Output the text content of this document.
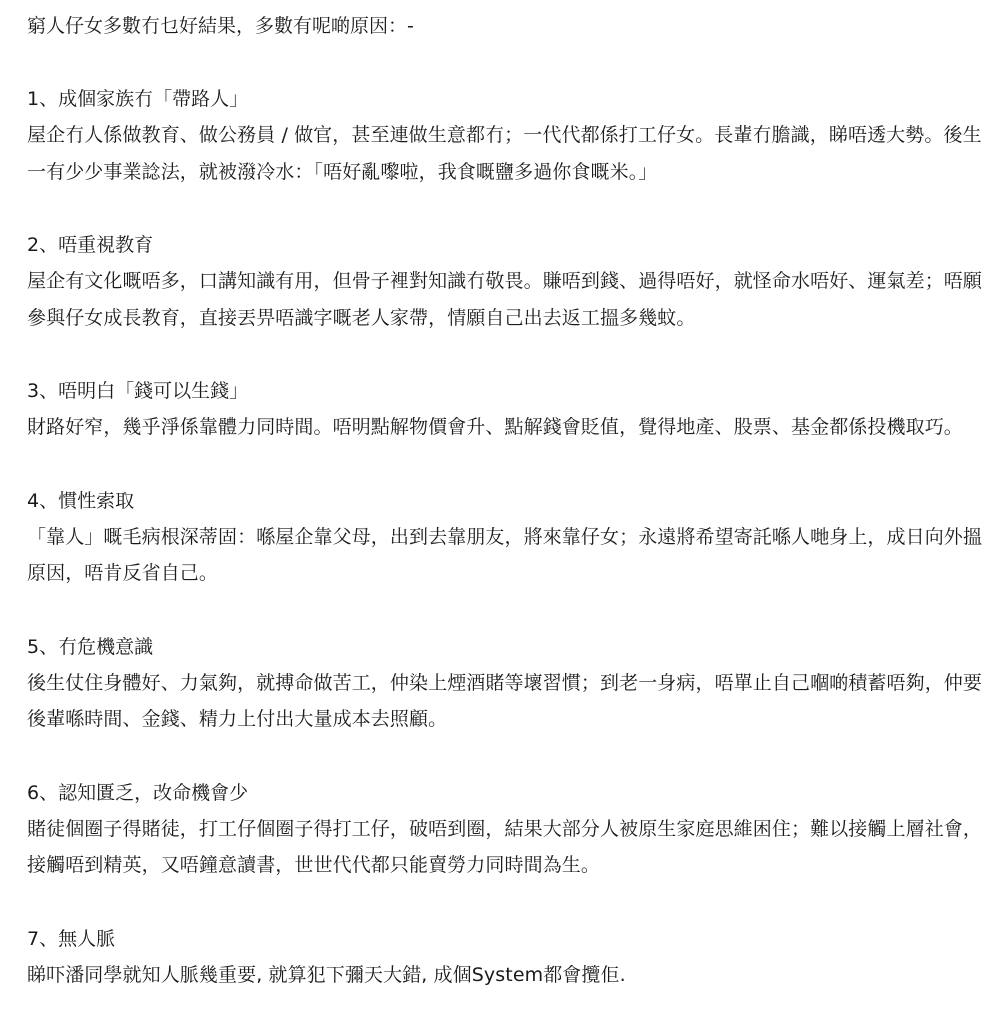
窮人仔女多數冇乜好結果，多數有呢啲原因：-
1、成個家族冇「帶路人」

屋企冇人係做教育、做公務員 / 做官，甚至連做生意都冇；一代代都係打工仔女。長輩冇膽識，睇唔透大勢。後生一有少少事業諗法，就被潑冷水：「唔好亂嚟啦，我食嘅鹽多過你食嘅米。」

2、唔重視教育

屋企有文化嘅唔多，口講知識有用，但骨子裡對知識冇敬畏。賺唔到錢、過得唔好，就怪命水唔好、運氣差；唔願參與仔女成長教育，直接丟畀唔識字嘅老人家帶，情願自己出去返工搵多幾蚊。

3、唔明白「錢可以生錢」

財路好窄，幾乎淨係靠體力同時間。唔明點解物價會升、點解錢會貶值，覺得地產、股票、基金都係投機取巧。

4、慣性索取

「靠人」嘅毛病根深蒂固：喺屋企靠父母，出到去靠朋友，將來靠仔女；永遠將希望寄託喺人哋身上，成日向外搵原因，唔肯反省自己。

5、冇危機意識

後生仗住身體好、力氣夠，就搏命做苦工，仲染上煙酒賭等壞習慣；到老一身病，唔單止自己嗰啲積蓄唔夠，仲要後輩喺時間、金錢、精力上付出大量成本去照顧。

6、認知匱乏，改命機會少

賭徒個圈子得賭徒，打工仔個圈子得打工仔，破唔到圈，結果大部分人被原生家庭思維困住；難以接觸上層社會，接觸唔到精英，又唔鐘意讀書，世世代代都只能賣勞力同時間為生。

7、無人脈

睇吓潘同學就知人脈幾重要, 就算犯下彌天大錯, 成個System都會攬佢.
